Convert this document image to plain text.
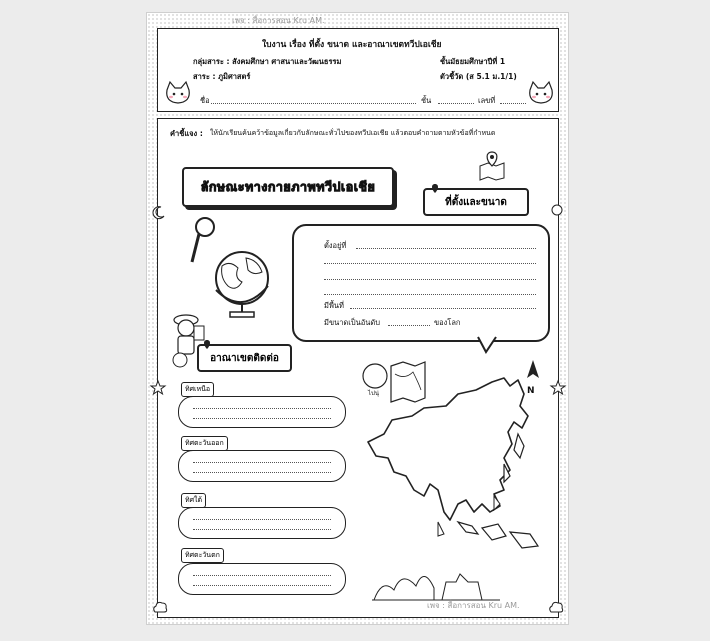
เพจ : สื่อการสอน Kru AM.
ใบงาน เรื่อง ที่ตั้ง ขนาด และอาณาเขตทวีปเอเชีย
กลุ่มสาระ : สังคมศึกษา ศาสนาและวัฒนธรรม	ชั้นมัธยมศึกษาปีที่ 1
สาระ : ภูมิศาสตร์	ตัวชี้วัด (ส 5.1 ม.1/1)
ชื่อ	ชั้น	เลขที่
คำชี้แจง : ให้นักเรียนค้นคว้าข้อมูลเกี่ยวกับลักษณะทั่วไปของทวีปเอเชีย แล้วตอบคำถามตามหัวข้อที่กำหนด
ลักษณะทางกายภาพทวีปเอเชีย
ที่ตั้งและขนาด
ตั้งอยู่ที่
มีพื้นที่
มีขนาดเป็นอันดับ	ของโลก
อาณาเขตติดต่อ
ทิศเหนือ
ทิศตะวันออก
ทิศใต้
ทิศตะวันตก
ไปนุ่	N
เพจ : สื่อการสอน Kru AM.
